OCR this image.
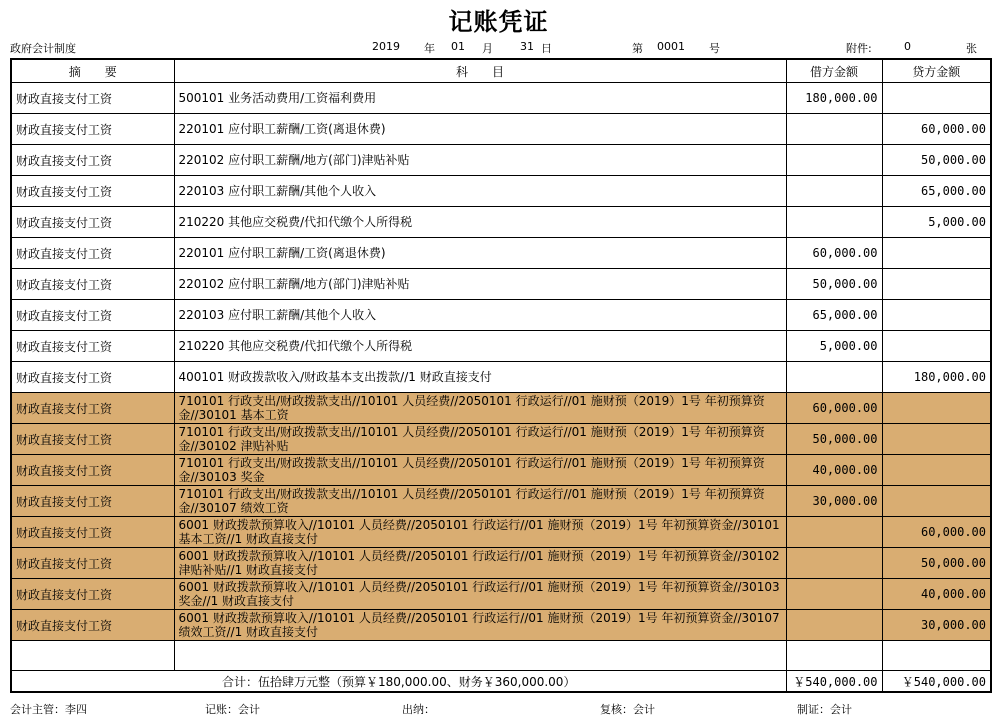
记账凭证
政府会计制度	2019 年 01 月 31 日	第 0001 号	附件:	0	张
摘　　要	科　　目	借方金额	贷方金额
财政直接支付工资	500101 业务活动费用/工资福利费用	180,000.00	
财政直接支付工资	220101 应付职工薪酬/工资(离退休费)		60,000.00
财政直接支付工资	220102 应付职工薪酬/地方(部门)津贴补贴		50,000.00
财政直接支付工资	220103 应付职工薪酬/其他个人收入		65,000.00
财政直接支付工资	210220 其他应交税费/代扣代缴个人所得税		5,000.00
财政直接支付工资	220101 应付职工薪酬/工资(离退休费)	60,000.00	
财政直接支付工资	220102 应付职工薪酬/地方(部门)津贴补贴	50,000.00	
财政直接支付工资	220103 应付职工薪酬/其他个人收入	65,000.00	
财政直接支付工资	210220 其他应交税费/代扣代缴个人所得税	5,000.00	
财政直接支付工资	400101 财政拨款收入/财政基本支出拨款//1 财政直接支付		180,000.00
财政直接支付工资	710101 行政支出/财政拨款支出//10101 人员经费//2050101 行政运行//01 施财预（2019）1号 年初预算资金//30101 基本工资	60,000.00	
财政直接支付工资	710101 行政支出/财政拨款支出//10101 人员经费//2050101 行政运行//01 施财预（2019）1号 年初预算资金//30102 津贴补贴	50,000.00	
财政直接支付工资	710101 行政支出/财政拨款支出//10101 人员经费//2050101 行政运行//01 施财预（2019）1号 年初预算资金//30103 奖金	40,000.00	
财政直接支付工资	710101 行政支出/财政拨款支出//10101 人员经费//2050101 行政运行//01 施财预（2019）1号 年初预算资金//30107 绩效工资	30,000.00	
财政直接支付工资	6001 财政拨款预算收入//10101 人员经费//2050101 行政运行//01 施财预（2019）1号 年初预算资金//30101 基本工资//1 财政直接支付		60,000.00
财政直接支付工资	6001 财政拨款预算收入//10101 人员经费//2050101 行政运行//01 施财预（2019）1号 年初预算资金//30102 津贴补贴//1 财政直接支付		50,000.00
财政直接支付工资	6001 财政拨款预算收入//10101 人员经费//2050101 行政运行//01 施财预（2019）1号 年初预算资金//30103 奖金//1 财政直接支付		40,000.00
财政直接支付工资	6001 财政拨款预算收入//10101 人员经费//2050101 行政运行//01 施财预（2019）1号 年初预算资金//30107 绩效工资//1 财政直接支付		30,000.00

合计：伍拾肆万元整（预算￥180,000.00、财务￥360,000.00）		￥540,000.00	￥540,000.00
会计主管：李四	记账：会计	出纳：	复核：会计	制证：会计
